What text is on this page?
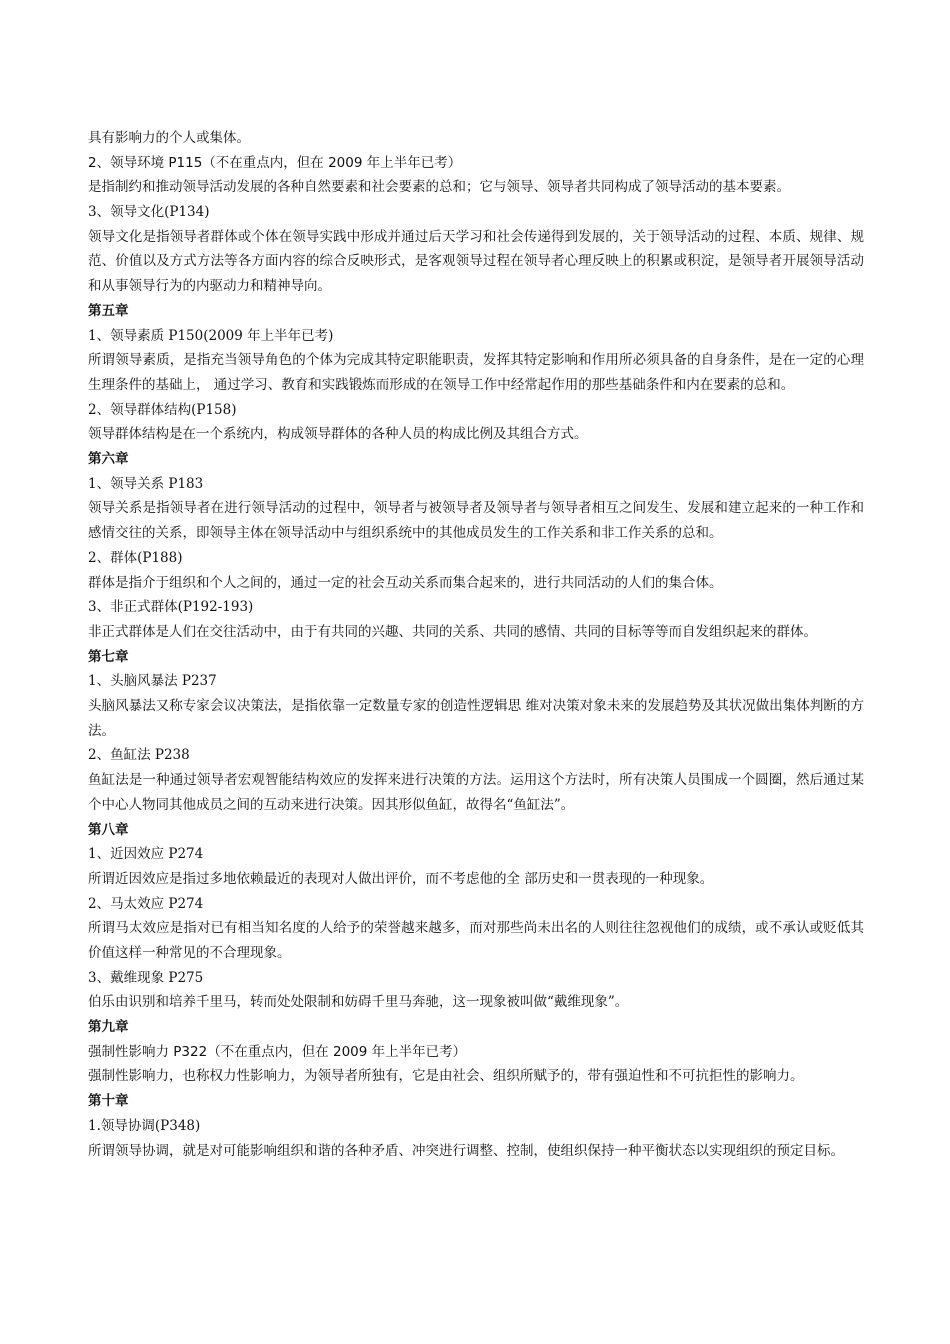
具有影响力的个人或集体。
2、领导环境 P115（不在重点内，但在 2009 年上半年已考）
是指制约和推动领导活动发展的各种自然要素和社会要素的总和；它与领导、领导者共同构成了领导活动的基本要素。
3、领导文化(P134)
领导文化是指领导者群体或个体在领导实践中形成并通过后天学习和社会传递得到发展的，关于领导活动的过程、本质、规律、规范、价值以及方式方法等各方面内容的综合反映形式，是客观领导过程在领导者心理反映上的积累或积淀，是领导者开展领导活动和从事领导行为的内驱动力和精神导向。
第五章
1、领导素质 P150(2009 年上半年已考)
所谓领导素质，是指充当领导角色的个体为完成其特定职能职责，发挥其特定影响和作用所必须具备的自身条件，是在一定的心理生理条件的基础上， 通过学习、教育和实践锻炼而形成的在领导工作中经常起作用的那些基础条件和内在要素的总和。
2、领导群体结构(P158)
领导群体结构是在一个系统内，构成领导群体的各种人员的构成比例及其组合方式。
第六章
1、领导关系 P183
领导关系是指领导者在进行领导活动的过程中，领导者与被领导者及领导者与领导者相互之间发生、发展和建立起来的一种工作和感情交往的关系，即领导主体在领导活动中与组织系统中的其他成员发生的工作关系和非工作关系的总和。
2、群体(P188)
群体是指介于组织和个人之间的，通过一定的社会互动关系而集合起来的，进行共同活动的人们的集合体。
3、非正式群体(P192-193)
非正式群体是人们在交往活动中，由于有共同的兴趣、共同的关系、共同的感情、共同的目标等等而自发组织起来的群体。
第七章
1、头脑风暴法 P237
头脑风暴法又称专家会议决策法，是指依靠一定数量专家的创造性逻辑思 维对决策对象未来的发展趋势及其状况做出集体判断的方法。
2、鱼缸法 P238
鱼缸法是一种通过领导者宏观智能结构效应的发挥来进行决策的方法。运用这个方法时，所有决策人员围成一个圆圈，然后通过某个中心人物同其他成员之间的互动来进行决策。因其形似鱼缸，故得名“鱼缸法”。
第八章
1、近因效应 P274
所谓近因效应是指过多地依赖最近的表现对人做出评价，而不考虑他的全 部历史和一贯表现的一种现象。
2、马太效应 P274
所谓马太效应是指对已有相当知名度的人给予的荣誉越来越多，而对那些尚未出名的人则往往忽视他们的成绩，或不承认或贬低其价值这样一种常见的不合理现象。
3、戴维现象 P275
伯乐由识别和培养千里马，转而处处限制和妨碍千里马奔驰，这一现象被叫做“戴维现象”。
第九章
强制性影响力 P322（不在重点内，但在 2009 年上半年已考）
强制性影响力，也称权力性影响力，为领导者所独有，它是由社会、组织所赋予的，带有强迫性和不可抗拒性的影响力。
第十章
1.领导协调(P348)
所谓领导协调，就是对可能影响组织和谐的各种矛盾、冲突进行调整、控制，使组织保持一种平衡状态以实现组织的预定目标。
